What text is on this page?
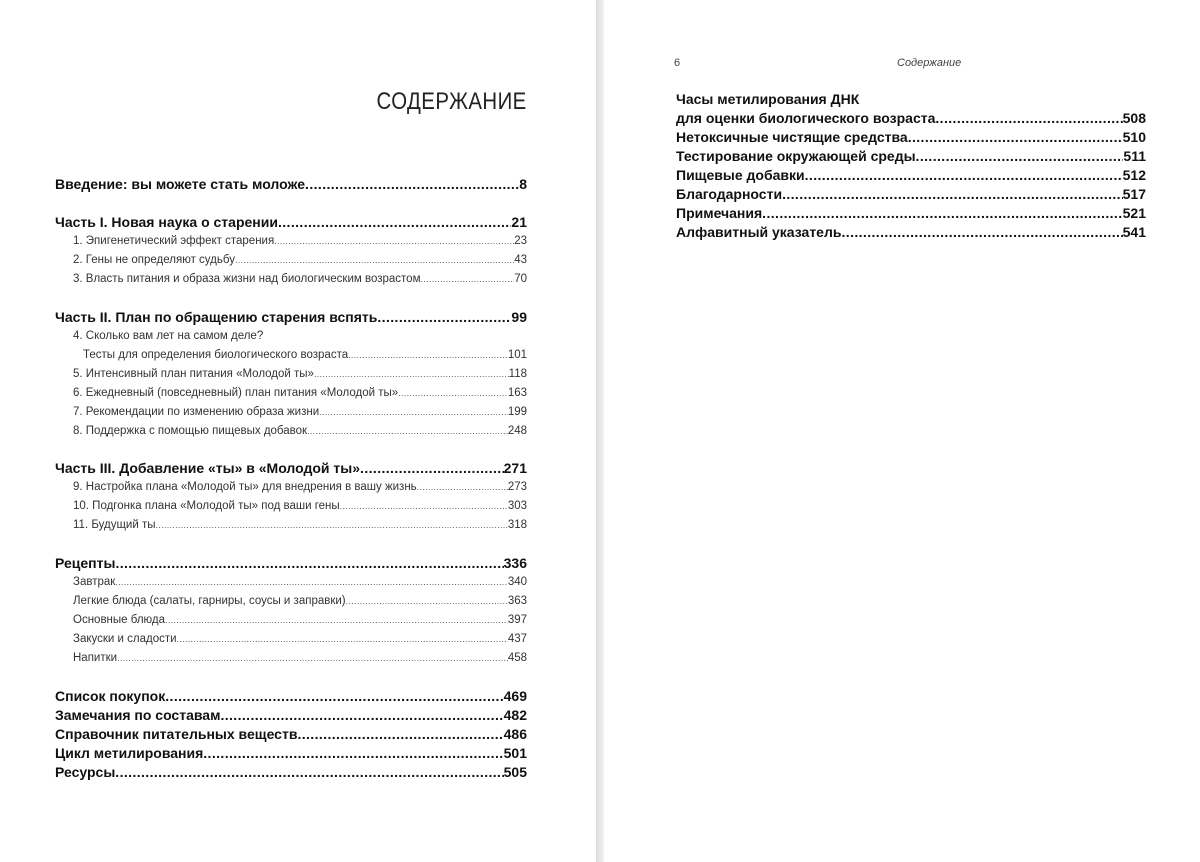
СОДЕРЖАНИЕ
Введение: вы можете стать моложе .....	8
Часть I. Новая наука о старении .....	21
1. Эпигенетический эффект старения .....	23
2. Гены не определяют судьбу .....	43
3. Власть питания и образа жизни над биологическим возрастом .....	70
Часть II. План по обращению старения вспять .....	99
4. Сколько вам лет на самом деле?
Тесты для определения биологического возраста .....	101
5. Интенсивный план питания «Молодой ты» .....	118
6. Ежедневный (повседневный) план питания «Молодой ты» .....	163
7. Рекомендации по изменению образа жизни .....	199
8. Поддержка с помощью пищевых добавок .....	248
Часть III. Добавление «ты» в «Молодой ты» .....	271
9. Настройка плана «Молодой ты» для внедрения в вашу жизнь .....	273
10. Подгонка плана «Молодой ты» под ваши гены .....	303
11. Будущий ты .....	318
Рецепты .....	336
Завтрак .....	340
Легкие блюда (салаты, гарниры, соусы и заправки) .....	363
Основные блюда .....	397
Закуски и сладости .....	437
Напитки .....	458
Список покупок .....	469
Замечания по составам .....	482
Справочник питательных веществ .....	486
Цикл метилирования .....	501
Ресурсы .....	505
6	Содержание
Часы метилирования ДНК
для оценки биологического возраста .....	508
Нетоксичные чистящие средства .....	510
Тестирование окружающей среды .....	511
Пищевые добавки .....	512
Благодарности .....	517
Примечания .....	521
Алфавитный указатель .....	541
